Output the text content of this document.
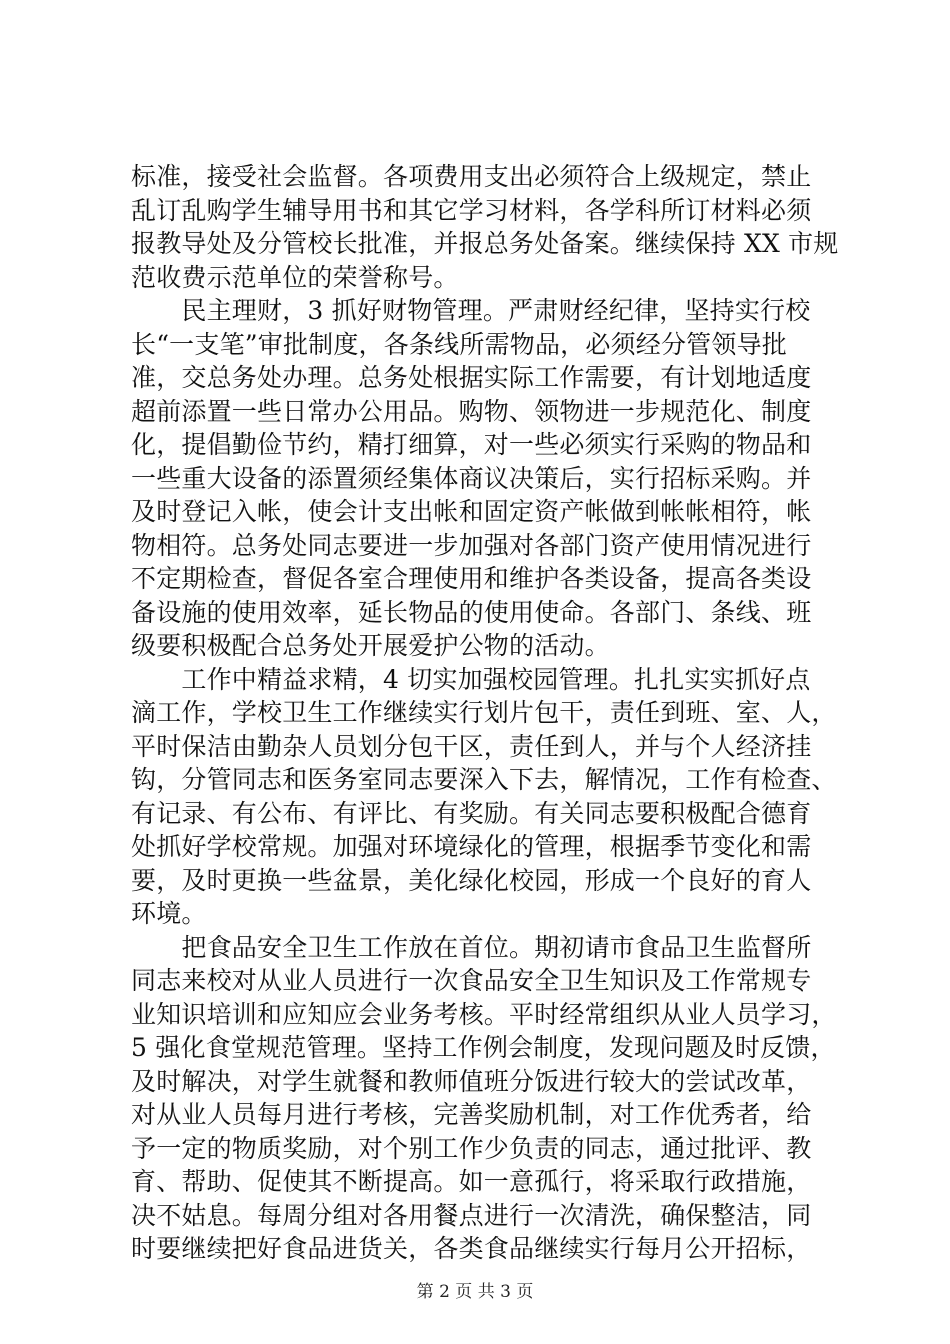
标准，接受社会监督。各项费用支出必须符合上级规定，禁止
乱订乱购学生辅导用书和其它学习材料，各学科所订材料必须
报教导处及分管校长批准，并报总务处备案。继续保持 XX 市规
范收费示范单位的荣誉称号。
　　民主理财，3 抓好财物管理。严肃财经纪律，坚持实行校
长“一支笔”审批制度，各条线所需物品，必须经分管领导批
准，交总务处办理。总务处根据实际工作需要，有计划地适度
超前添置一些日常办公用品。购物、领物进一步规范化、制度
化，提倡勤俭节约，精打细算，对一些必须实行采购的物品和
一些重大设备的添置须经集体商议决策后，实行招标采购。并
及时登记入帐，使会计支出帐和固定资产帐做到帐帐相符，帐
物相符。总务处同志要进一步加强对各部门资产使用情况进行
不定期检查，督促各室合理使用和维护各类设备，提高各类设
备设施的使用效率，延长物品的使用使命。各部门、条线、班
级要积极配合总务处开展爱护公物的活动。
　　工作中精益求精，4 切实加强校园管理。扎扎实实抓好点
滴工作，学校卫生工作继续实行划片包干，责任到班、室、人，
平时保洁由勤杂人员划分包干区，责任到人，并与个人经济挂
钩，分管同志和医务室同志要深入下去，解情况，工作有检查、
有记录、有公布、有评比、有奖励。有关同志要积极配合德育
处抓好学校常规。加强对环境绿化的管理，根据季节变化和需
要，及时更换一些盆景，美化绿化校园，形成一个良好的育人
环境。
　　把食品安全卫生工作放在首位。期初请市食品卫生监督所
同志来校对从业人员进行一次食品安全卫生知识及工作常规专
业知识培训和应知应会业务考核。平时经常组织从业人员学习，
5 强化食堂规范管理。坚持工作例会制度，发现问题及时反馈，
及时解决，对学生就餐和教师值班分饭进行较大的尝试改革，
对从业人员每月进行考核，完善奖励机制，对工作优秀者，给
予一定的物质奖励，对个别工作少负责的同志，通过批评、教
育、帮助、促使其不断提高。如一意孤行，将采取行政措施，
决不姑息。每周分组对各用餐点进行一次清洗，确保整洁，同
时要继续把好食品进货关，各类食品继续实行每月公开招标，
第 2 页 共 3 页
